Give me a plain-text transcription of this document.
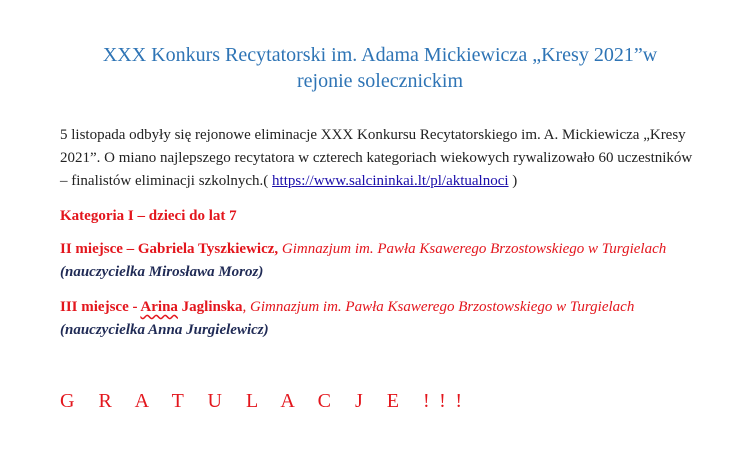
XXX Konkurs Recytatorski im. Adama Mickiewicza „Kresy 2021”w
rejonie solecznickim

5 listopada odbyły się rejonowe eliminacje XXX Konkursu Recytatorskiego im. A. Mickiewicza „Kresy 2021”. O miano najlepszego recytatora w czterech kategoriach wiekowych rywalizowało 60 uczestników – finalistów eliminacji szkolnych.( https://www.salcininkai.lt/pl/aktualnoci )

Kategoria I – dzieci do lat 7

II miejsce – Gabriela Tyszkiewicz, Gimnazjum im. Pawła Ksawerego Brzostowskiego w Turgielach (nauczycielka Mirosława Moroz)

III miejsce - Arina Jaglinska, Gimnazjum im. Pawła Ksawerego Brzostowskiego w Turgielach
(nauczycielka Anna Jurgielewicz)

G R A T U L A C J E !!!
